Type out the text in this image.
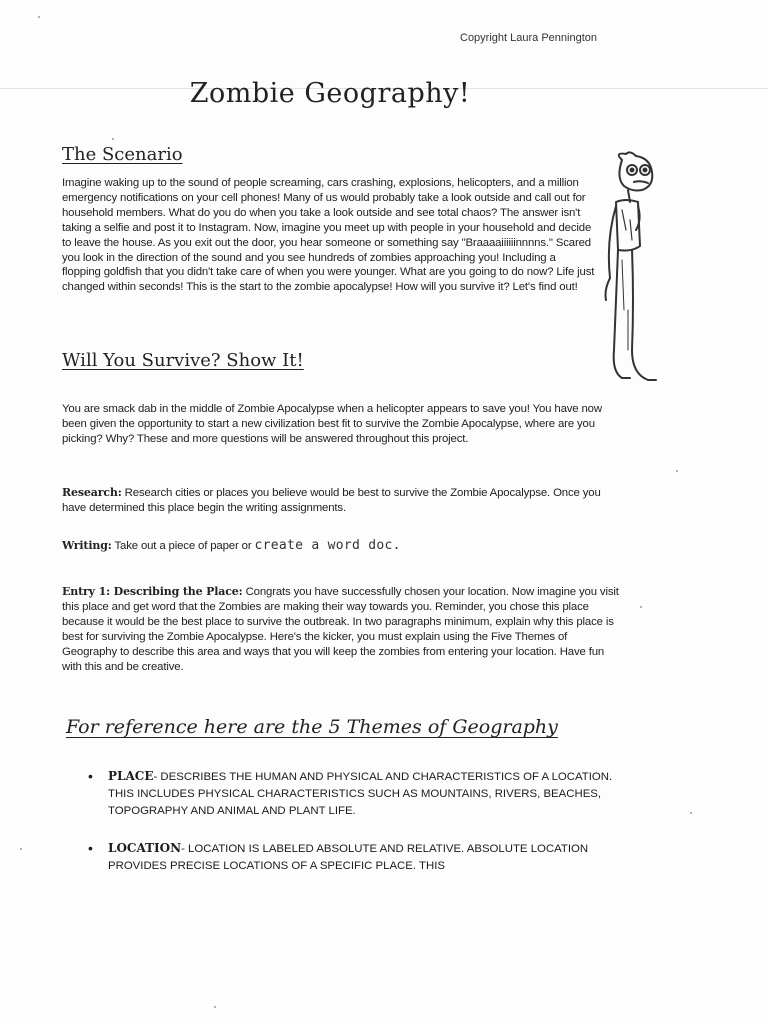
Copyright Laura Pennington
Zombie Geography!
The Scenario
Imagine waking up to the sound of people screaming, cars crashing, explosions, helicopters, and a million emergency notifications on your cell phones! Many of us would probably take a look outside and call out for household members. What do you do when you take a look outside and see total chaos? The answer isn't taking a selfie and post it to Instagram. Now, imagine you meet up with people in your household and decide to leave the house. As you exit out the door, you hear someone or something say "Braaaaiiiiiinnnns." Scared you look in the direction of the sound and you see hundreds of zombies approaching you! Including a flopping goldfish that you didn't take care of when you were younger. What are you going to do now? Life just changed within seconds! This is the start to the zombie apocalypse! How will you survive it? Let's find out!
Will You Survive? Show It!
You are smack dab in the middle of Zombie Apocalypse when a helicopter appears to save you! You have now been given the opportunity to start a new civilization best fit to survive the Zombie Apocalypse, where are you picking? Why? These and more questions will be answered throughout this project.
Research: Research cities or places you believe would be best to survive the Zombie Apocalypse. Once you have determined this place begin the writing assignments.
Writing: Take out a piece of paper or create a word doc.
Entry 1: Describing the Place: Congrats you have successfully chosen your location. Now imagine you visit this place and get word that the Zombies are making their way towards you. Reminder, you chose this place because it would be the best place to survive the outbreak. In two paragraphs minimum, explain why this place is best for surviving the Zombie Apocalypse. Here's the kicker, you must explain using the Five Themes of Geography to describe this area and ways that you will keep the zombies from entering your location. Have fun with this and be creative.
For reference here are the 5 Themes of Geography
• PLACE- DESCRIBES THE HUMAN AND PHYSICAL AND CHARACTERISTICS OF A LOCATION. THIS INCLUDES PHYSICAL CHARACTERISTICS SUCH AS MOUNTAINS, RIVERS, BEACHES, TOPOGRAPHY AND ANIMAL AND PLANT LIFE.
• LOCATION- LOCATION IS LABELED ABSOLUTE AND RELATIVE. ABSOLUTE LOCATION PROVIDES PRECISE LOCATIONS OF A SPECIFIC PLACE. THIS
